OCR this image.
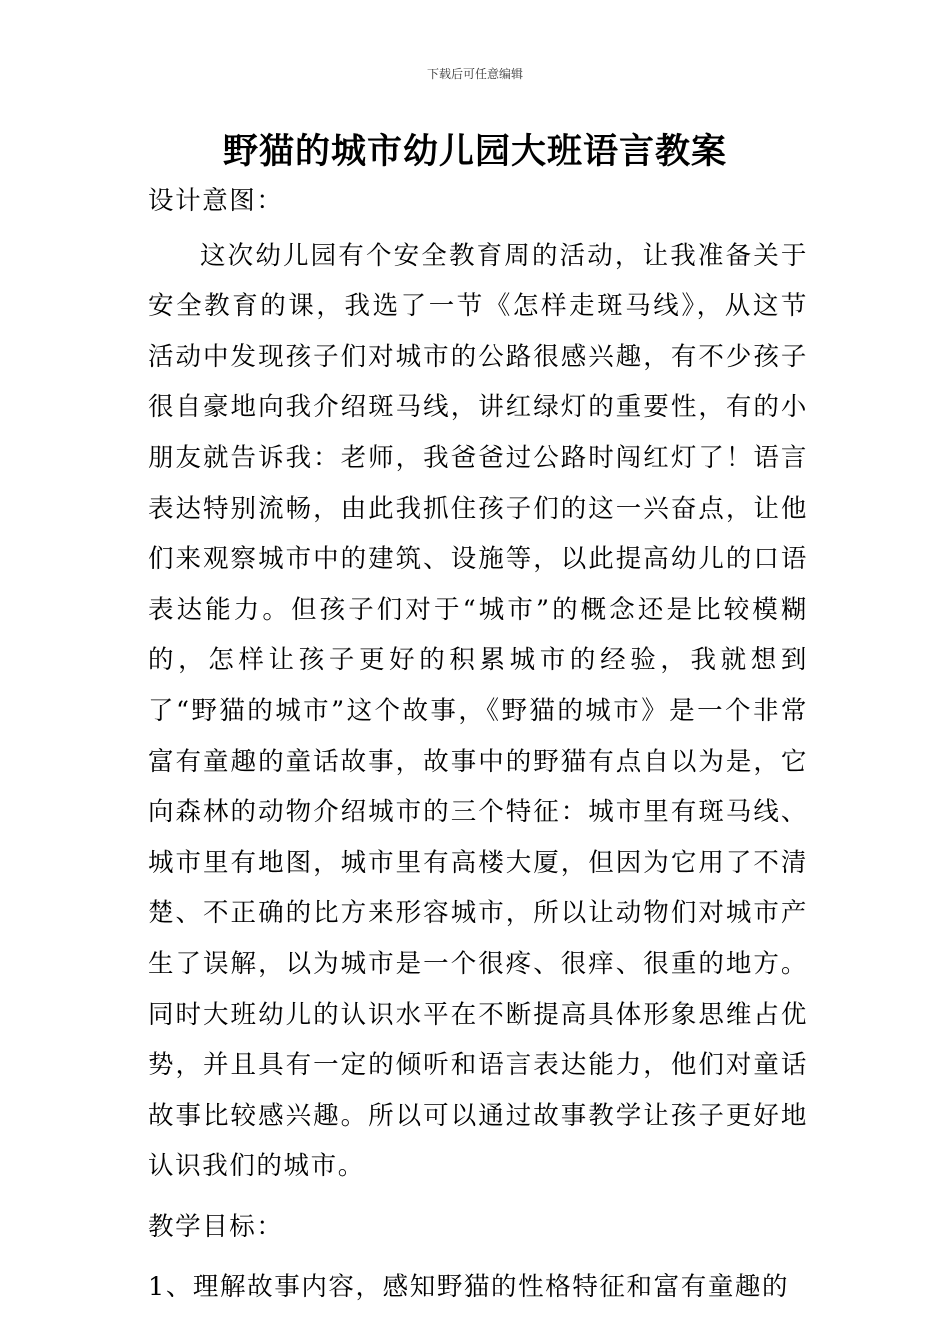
下载后可任意编辑
野猫的城市幼儿园大班语言教案

设计意图：

这次幼儿园有个安全教育周的活动，让我准备关于安全教育的课，我选了一节《怎样走斑马线》，从这节活动中发现孩子们对城市的公路很感兴趣，有不少孩子很自豪地向我介绍斑马线，讲红绿灯的重要性，有的小朋友就告诉我：老师，我爸爸过公路时闯红灯了！语言表达特别流畅，由此我抓住孩子们的这一兴奋点，让他们来观察城市中的建筑、设施等，以此提高幼儿的口语表达能力。但孩子们对于“城市”的概念还是比较模糊的，怎样让孩子更好的积累城市的经验，我就想到了“野猫的城市”这个故事，《野猫的城市》是一个非常富有童趣的童话故事，故事中的野猫有点自以为是，它向森林的动物介绍城市的三个特征：城市里有斑马线、城市里有地图，城市里有高楼大厦，但因为它用了不清楚、不正确的比方来形容城市，所以让动物们对城市产生了误解，以为城市是一个很疼、很痒、很重的地方。同时大班幼儿的认识水平在不断提高具体形象思维占优势，并且具有一定的倾听和语言表达能力，他们对童话故事比较感兴趣。所以可以通过故事教学让孩子更好地认识我们的城市。

教学目标：

1、理解故事内容，感知野猫的性格特征和富有童趣的
